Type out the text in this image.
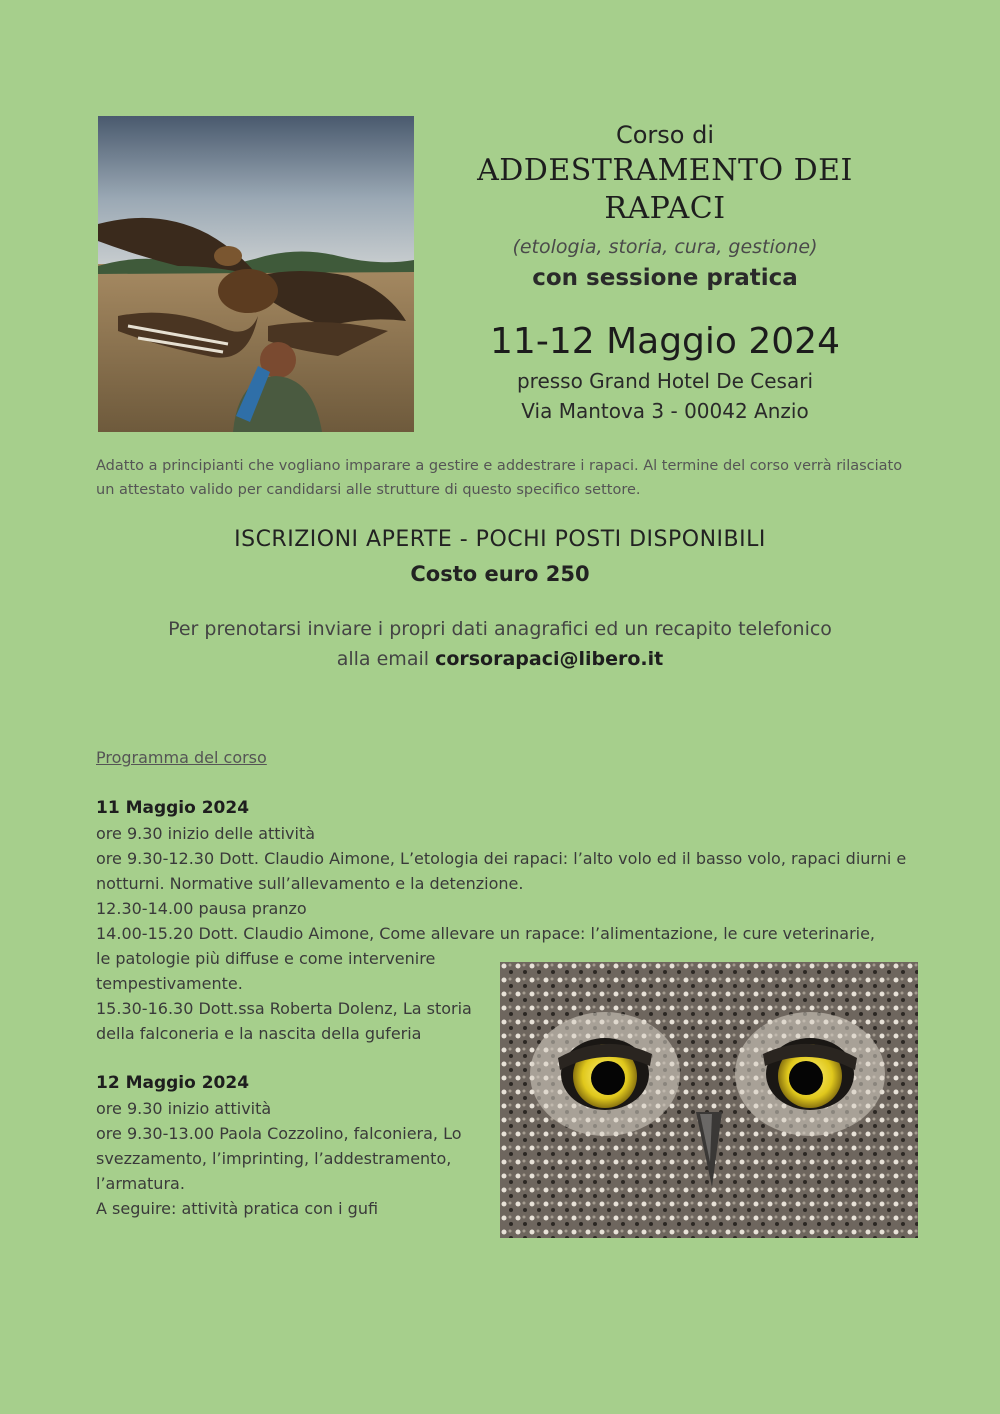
Corso di
ADDESTRAMENTO DEI
RAPACI
(etologia, storia, cura, gestione)
con sessione pratica
11-12 Maggio 2024
presso Grand Hotel De Cesari
Via Mantova 3 - 00042 Anzio
Adatto a principianti che vogliano imparare a gestire e addestrare i rapaci. Al termine del corso verrà rilasciato un attestato valido per candidarsi alle strutture di questo specifico settore.
ISCRIZIONI APERTE - POCHI POSTI DISPONIBILI
Costo euro 250
Per prenotarsi inviare i propri dati anagrafici ed un recapito telefonico
alla email corsorapaci@libero.it
Programma del corso
11 Maggio 2024
ore 9.30 inizio delle attività
ore 9.30-12.30 Dott. Claudio Aimone, L’etologia dei rapaci: l’alto volo ed il basso volo, rapaci diurni e notturni. Normative sull’allevamento e la detenzione.
12.30-14.00 pausa pranzo
14.00-15.20 Dott. Claudio Aimone, Come allevare un rapace: l’alimentazione, le cure veterinarie,
le patologie più diffuse e come intervenire tempestivamente.
15.30-16.30 Dott.ssa Roberta Dolenz, La storia della falconeria e la nascita della guferia
12 Maggio 2024
ore 9.30 inizio attività
ore 9.30-13.00 Paola Cozzolino, falconiera, Lo svezzamento, l’imprinting, l’addestramento, l’armatura.
A seguire: attività pratica con i gufi
